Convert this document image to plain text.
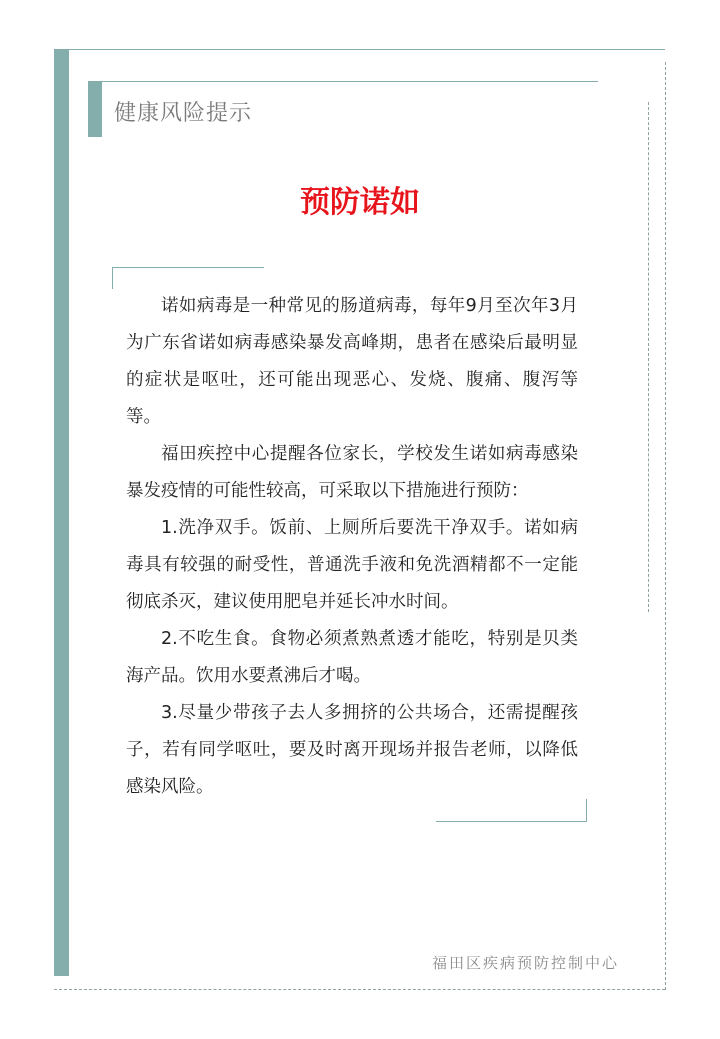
健康风险提示
预防诺如

诺如病毒是一种常见的肠道病毒，每年9月至次年3月为广东省诺如病毒感染暴发高峰期，患者在感染后最明显的症状是呕吐，还可能出现恶心、发烧、腹痛、腹泻等等。

福田疾控中心提醒各位家长，学校发生诺如病毒感染暴发疫情的可能性较高，可采取以下措施进行预防：

1.洗净双手。饭前、上厕所后要洗干净双手。诺如病毒具有较强的耐受性，普通洗手液和免洗酒精都不一定能彻底杀灭，建议使用肥皂并延长冲水时间。

2.不吃生食。食物必须煮熟煮透才能吃，特别是贝类海产品。饮用水要煮沸后才喝。

3.尽量少带孩子去人多拥挤的公共场合，还需提醒孩子，若有同学呕吐，要及时离开现场并报告老师，以降低感染风险。

福田区疾病预防控制中心
